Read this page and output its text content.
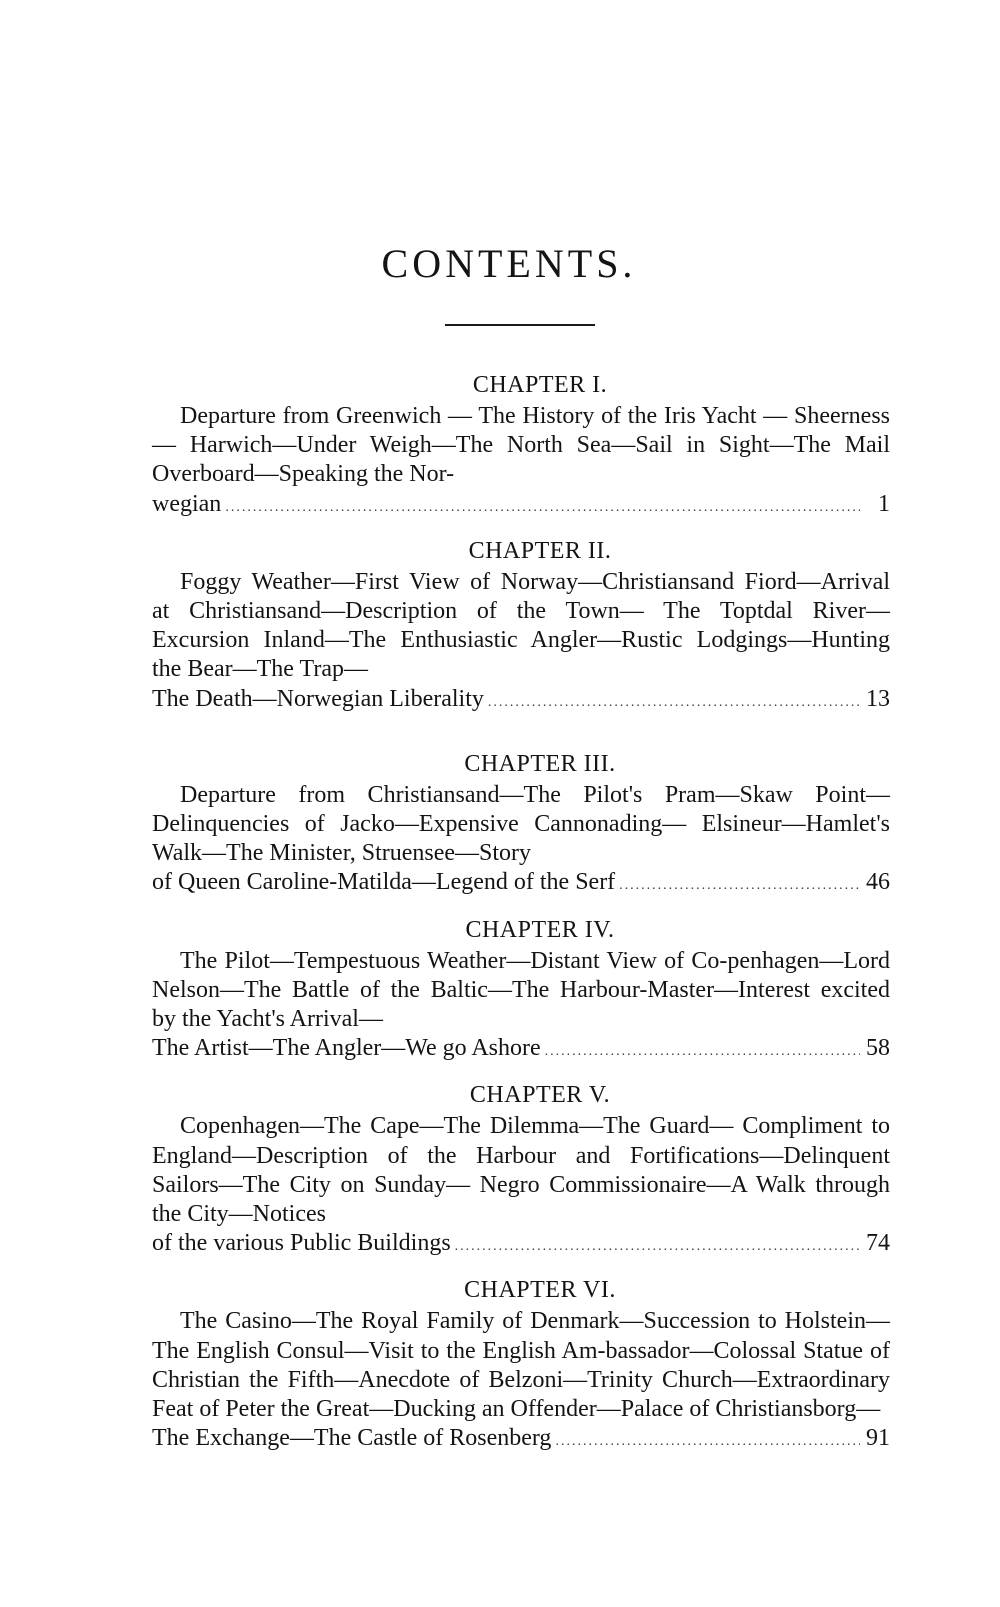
CONTENTS.
CHAPTER I.

Departure from Greenwich — The History of the Iris Yacht — Sheerness— Harwich—Under Weigh—The North Sea—Sail in Sight—The Mail Overboard—Speaking the Nor-

wegian .....	1
CHAPTER II.

Foggy Weather—First View of Norway—Christiansand Fiord—Arrival at Christiansand—Description of the Town— The Toptdal River—Excursion Inland—The Enthusiastic Angler—Rustic Lodgings—Hunting the Bear—The Trap—

The Death—Norwegian Liberality .....	13
CHAPTER III.

Departure from Christiansand—The Pilot's Pram—Skaw Point—Delinquencies of Jacko—Expensive Cannonading— Elsineur—Hamlet's Walk—The Minister, Struensee—Story

of Queen Caroline-Matilda—Legend of the Serf .....	46
CHAPTER IV.

The Pilot—Tempestuous Weather—Distant View of Co-penhagen—Lord Nelson—The Battle of the Baltic—The Harbour-Master—Interest excited by the Yacht's Arrival—

The Artist—The Angler—We go Ashore .....	58
CHAPTER V.

Copenhagen—The Cape—The Dilemma—The Guard— Compliment to England—Description of the Harbour and Fortifications—Delinquent Sailors—The City on Sunday— Negro Commissionaire—A Walk through the City—Notices

of the various Public Buildings .....	74
CHAPTER VI.

The Casino—The Royal Family of Denmark—Succession to Holstein—The English Consul—Visit to the English Am-bassador—Colossal Statue of Christian the Fifth—Anecdote of Belzoni—Trinity Church—Extraordinary Feat of Peter the Great—Ducking an Offender—Palace of Christiansborg—

The Exchange—The Castle of Rosenberg .....	91
